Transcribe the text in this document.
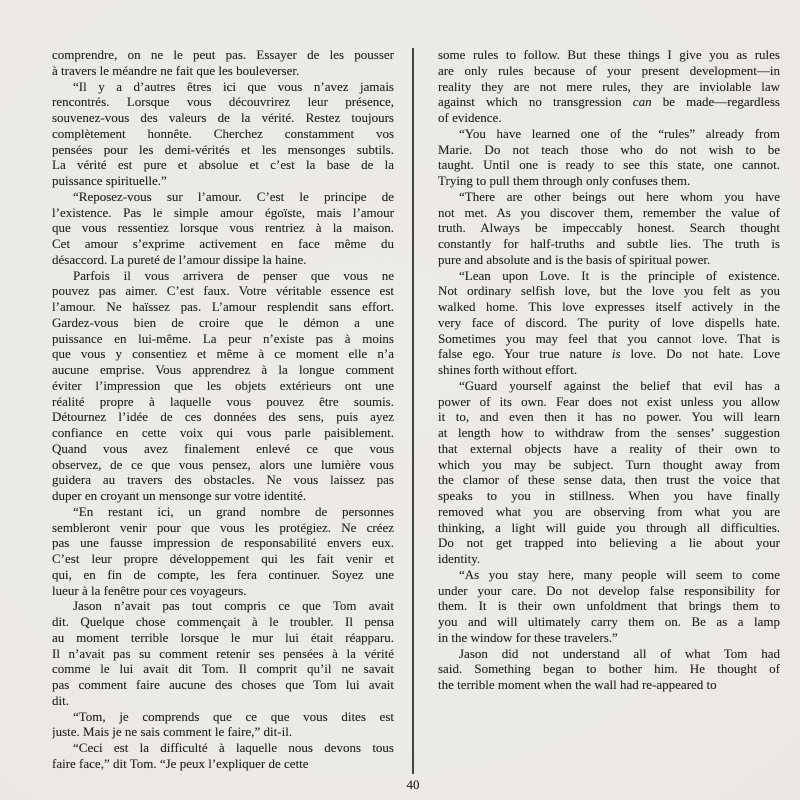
comprendre, on ne le peut pas. Essayer de les pousser
à travers le méandre ne fait que les bouleverser.
“Il y a d’autres êtres ici que vous n’avez jamais
rencontrés. Lorsque vous découvrirez leur présence,
souvenez-vous des valeurs de la vérité. Restez toujours
complètement honnête. Cherchez constamment vos
pensées pour les demi-vérités et les mensonges subtils.
La vérité est pure et absolue et c’est la base de la
puissance spirituelle.”
“Reposez-vous sur l’amour. C’est le principe de
l’existence. Pas le simple amour égoïste, mais l’amour
que vous ressentiez lorsque vous rentriez à la maison.
Cet amour s’exprime activement en face même du
désaccord. La pureté de l’amour dissipe la haine.
Parfois il vous arrivera de penser que vous ne
pouvez pas aimer. C’est faux. Votre véritable essence est
l’amour. Ne haïssez pas. L’amour resplendit sans effort.
Gardez-vous bien de croire que le démon a une
puissance en lui-même. La peur n’existe pas à moins
que vous y consentiez et même à ce moment elle n’a
aucune emprise. Vous apprendrez à la longue comment
éviter l’impression que les objets extérieurs ont une
réalité propre à laquelle vous pouvez être soumis.
Détournez l’idée de ces données des sens, puis ayez
confiance en cette voix qui vous parle paisiblement.
Quand vous avez finalement enlevé ce que vous
observez, de ce que vous pensez, alors une lumière vous
guidera au travers des obstacles. Ne vous laissez pas
duper en croyant un mensonge sur votre identité.
“En restant ici, un grand nombre de personnes
sembleront venir pour que vous les protégiez. Ne créez
pas une fausse impression de responsabilité envers eux.
C’est leur propre développement qui les fait venir et
qui, en fin de compte, les fera continuer. Soyez une
lueur à la fenêtre pour ces voyageurs.
Jason n’avait pas tout compris ce que Tom avait
dit. Quelque chose commençait à le troubler. Il pensa
au moment terrible lorsque le mur lui était réapparu.
Il n’avait pas su comment retenir ses pensées à la vérité
comme le lui avait dit Tom. Il comprit qu’il ne savait
pas comment faire aucune des choses que Tom lui avait
dit.
“Tom, je comprends que ce que vous dites est
juste. Mais je ne sais comment le faire,” dit-il.
“Ceci est la difficulté à laquelle nous devons tous
faire face,” dit Tom. “Je peux l’expliquer de cette
some rules to follow. But these things I give you as rules
are only rules because of your present development—in
reality they are not mere rules, they are inviolable law
against which no transgression can be made—regardless
of evidence.
“You have learned one of the “rules” already from
Marie. Do not teach those who do not wish to be
taught. Until one is ready to see this state, one cannot.
Trying to pull them through only confuses them.
“There are other beings out here whom you have
not met. As you discover them, remember the value of
truth. Always be impeccably honest. Search thought
constantly for half-truths and subtle lies. The truth is
pure and absolute and is the basis of spiritual power.
“Lean upon Love. It is the principle of existence.
Not ordinary selfish love, but the love you felt as you
walked home. This love expresses itself actively in the
very face of discord. The purity of love dispells hate.
Sometimes you may feel that you cannot love. That is
false ego. Your true nature is love. Do not hate. Love
shines forth without effort.
“Guard yourself against the belief that evil has a
power of its own. Fear does not exist unless you allow
it to, and even then it has no power. You will learn
at length how to withdraw from the senses’ suggestion
that external objects have a reality of their own to
which you may be subject. Turn thought away from
the clamor of these sense data, then trust the voice that
speaks to you in stillness. When you have finally
removed what you are observing from what you are
thinking, a light will guide you through all difficulties.
Do not get trapped into believing a lie about your
identity.
“As you stay here, many people will seem to come
under your care. Do not develop false responsibility for
them. It is their own unfoldment that brings them to
you and will ultimately carry them on. Be as a lamp
in the window for these travelers.”
Jason did not understand all of what Tom had
said. Something began to bother him. He thought of
the terrible moment when the wall had re-appeared to
40
